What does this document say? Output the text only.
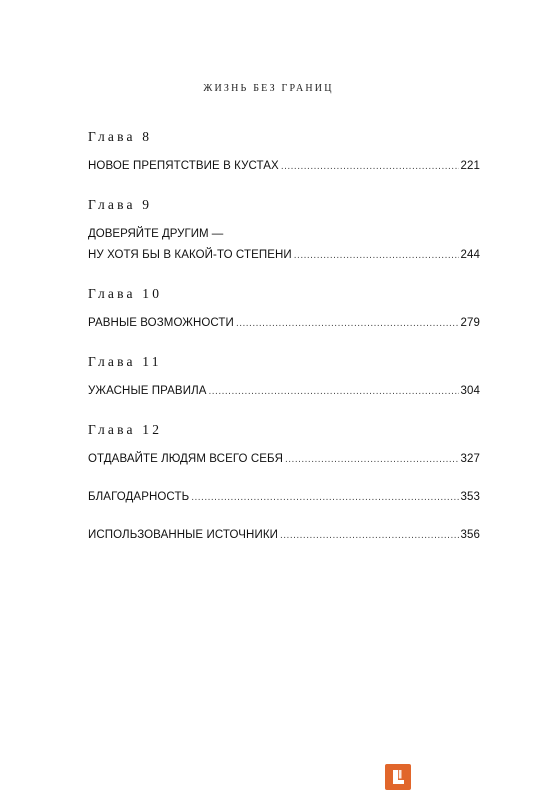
ЖИЗНЬ БЕЗ ГРАНИЦ
Глава 8
НОВОЕ ПРЕПЯТСТВИЕ В КУСТАХ .....	221
Глава 9
ДОВЕРЯЙТЕ ДРУГИМ —
НУ ХОТЯ БЫ В КАКОЙ-ТО СТЕПЕНИ .....	244
Глава 10
РАВНЫЕ ВОЗМОЖНОСТИ .....	279
Глава 11
УЖАСНЫЕ ПРАВИЛА .....	304
Глава 12
ОТДАВАЙТЕ ЛЮДЯМ ВСЕГО СЕБЯ .....	327
БЛАГОДАРНОСТЬ .....	353
ИСПОЛЬЗОВАННЫЕ ИСТОЧНИКИ .....	356
